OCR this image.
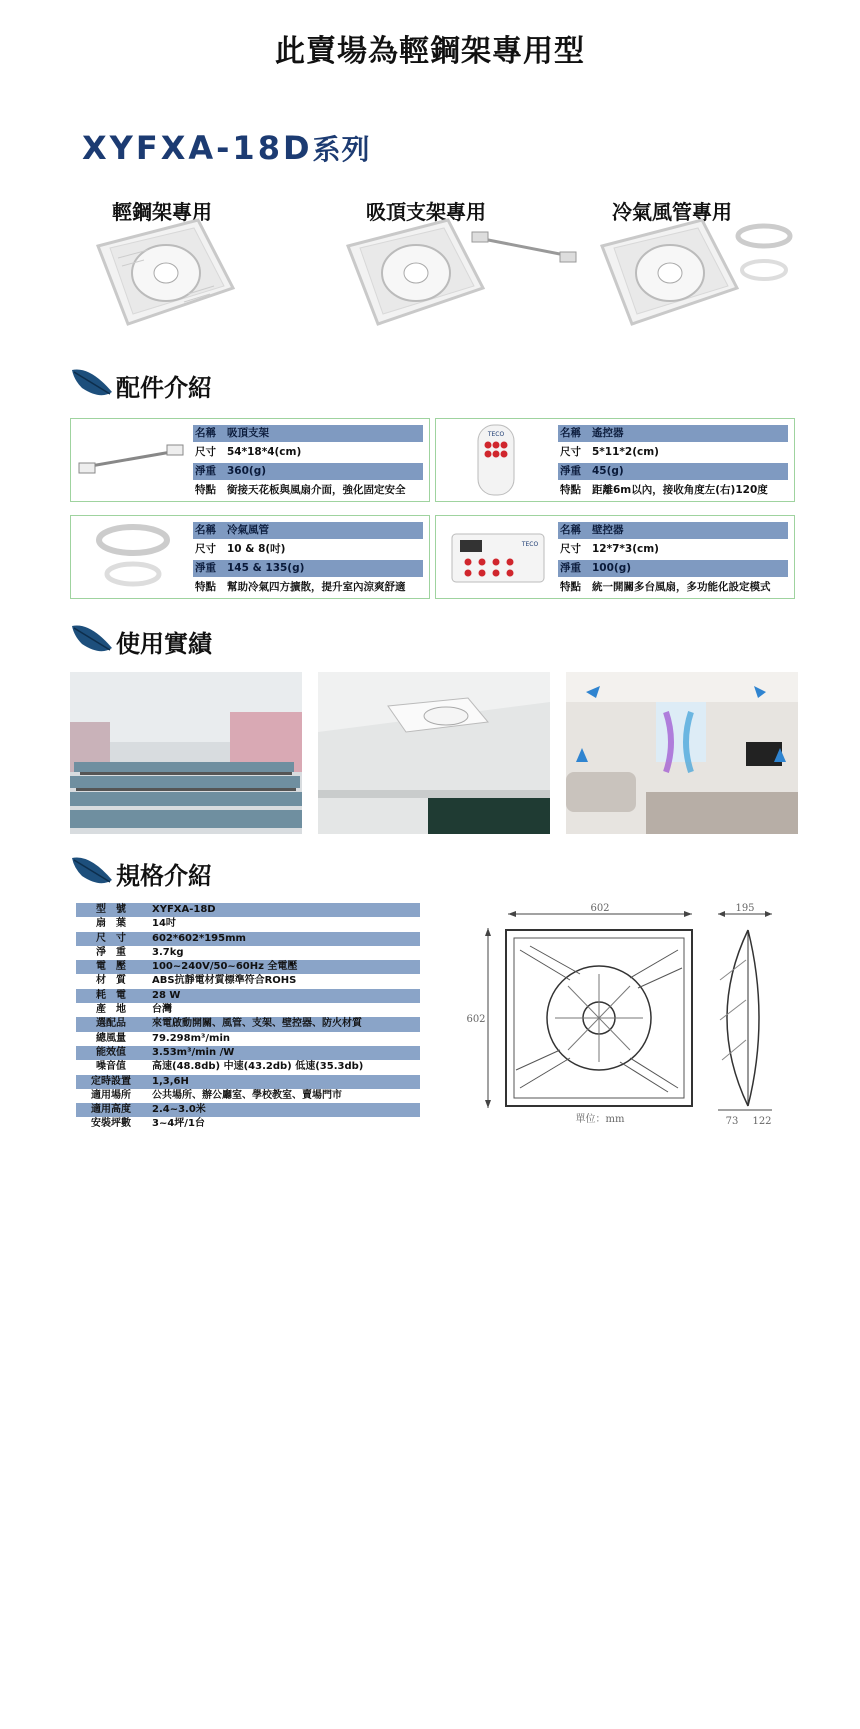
此賣場為輕鋼架專用型
XYFXA-18D系列
輕鋼架專用	吸頂支架專用	冷氣風管專用
配件介紹
名稱	吸頂支架
尺寸	54*18*4(cm)
淨重	360(g)
特點	銜接天花板與風扇介面，強化固定安全
TECO	名稱	遙控器
尺寸	5*11*2(cm)
淨重	45(g)
特點	距離6m以內，接收角度左(右)120度
名稱	冷氣風管
尺寸	10 & 8(吋)
淨重	145 & 135(g)
特點	幫助冷氣四方擴散，提升室內涼爽舒適
TECO
名稱	壁控器
尺寸	12*7*3(cm)
淨重	100(g)
特點	統一開關多台風扇，多功能化設定模式
使用實績
規格介紹
型　號	XYFXA-18D
扇　葉	14吋
尺　寸	602*602*195mm
淨　重	3.7kg
電　壓	100~240V/50~60Hz 全電壓
材　質	ABS抗靜電材質標準符合ROHS
耗　電	28 W
產　地	台灣
選配品	來電啟動開關、風管、支架、壁控器、防火材質
總風量	79.298m³/min
能效值	3.53m³/min /W
噪音值	高速(48.8db) 中速(43.2db) 低速(35.3db)
定時設置	1,3,6H
適用場所	公共場所、辦公廳室、學校教室、賣場門市
適用高度	2.4~3.0米
安裝坪數	3~4坪/1台
602
602
單位：mm
195
73 122
